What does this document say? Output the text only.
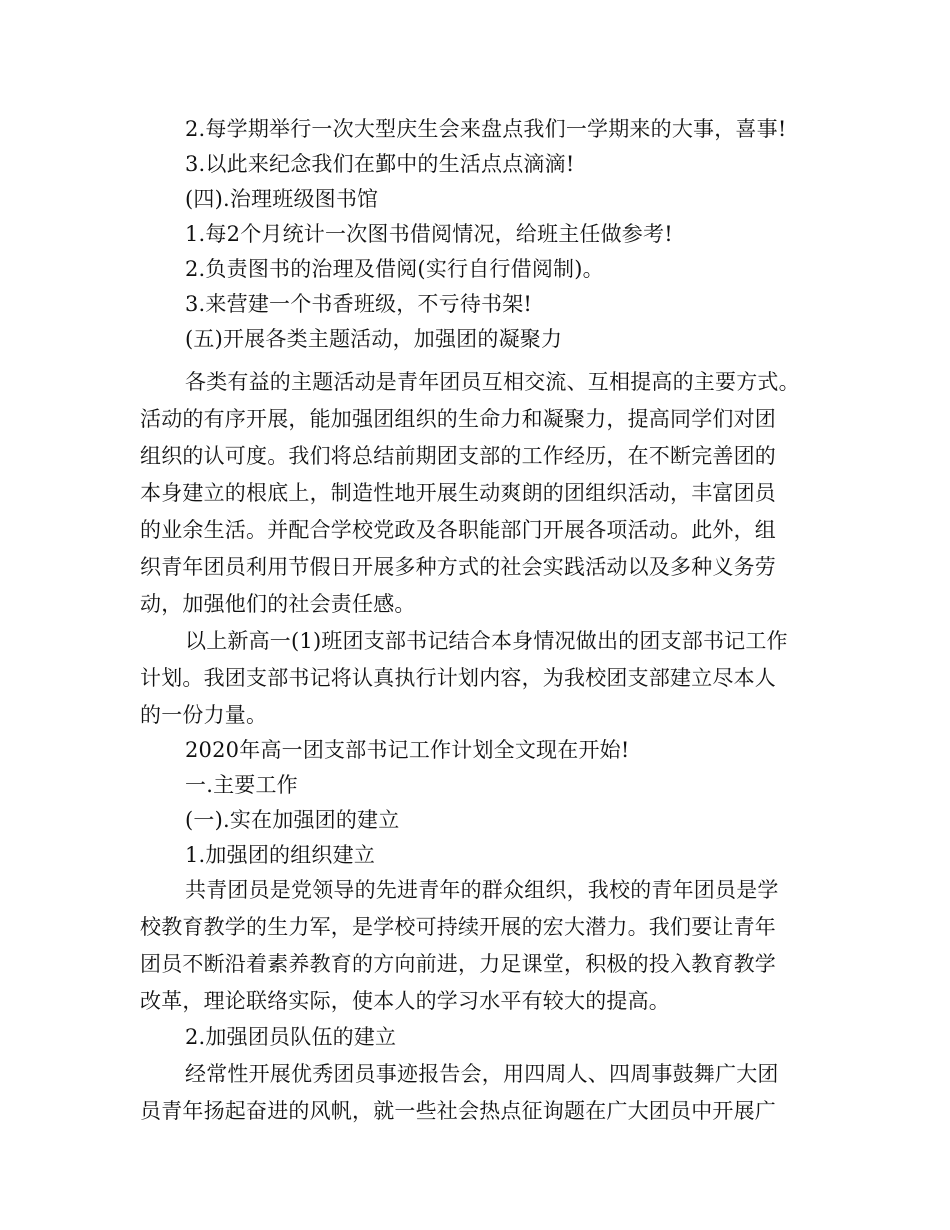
2.每学期举行一次大型庆生会来盘点我们一学期来的大事，喜事!
3.以此来纪念我们在鄞中的生活点点滴滴!
(四).治理班级图书馆
1.每2个月统计一次图书借阅情况，给班主任做参考!
2.负责图书的治理及借阅(实行自行借阅制)。
3.来营建一个书香班级，不亏待书架!
(五)开展各类主题活动，加强团的凝聚力
各类有益的主题活动是青年团员互相交流、互相提高的主要方式。
活动的有序开展，能加强团组织的生命力和凝聚力，提高同学们对团
组织的认可度。我们将总结前期团支部的工作经历，在不断完善团的
本身建立的根底上，制造性地开展生动爽朗的团组织活动，丰富团员
的业余生活。并配合学校党政及各职能部门开展各项活动。此外，组
织青年团员利用节假日开展多种方式的社会实践活动以及多种义务劳
动，加强他们的社会责任感。
以上新高一(1)班团支部书记结合本身情况做出的团支部书记工作
计划。我团支部书记将认真执行计划内容，为我校团支部建立尽本人
的一份力量。
2020年高一团支部书记工作计划全文现在开始!
一.主要工作
(一).实在加强团的建立
1.加强团的组织建立
共青团员是党领导的先进青年的群众组织，我校的青年团员是学
校教育教学的生力军，是学校可持续开展的宏大潜力。我们要让青年
团员不断沿着素养教育的方向前进，力足课堂，积极的投入教育教学
改革，理论联络实际，使本人的学习水平有较大的提高。
2.加强团员队伍的建立
经常性开展优秀团员事迹报告会，用四周人、四周事鼓舞广大团
员青年扬起奋进的风帆，就一些社会热点征询题在广大团员中开展广
